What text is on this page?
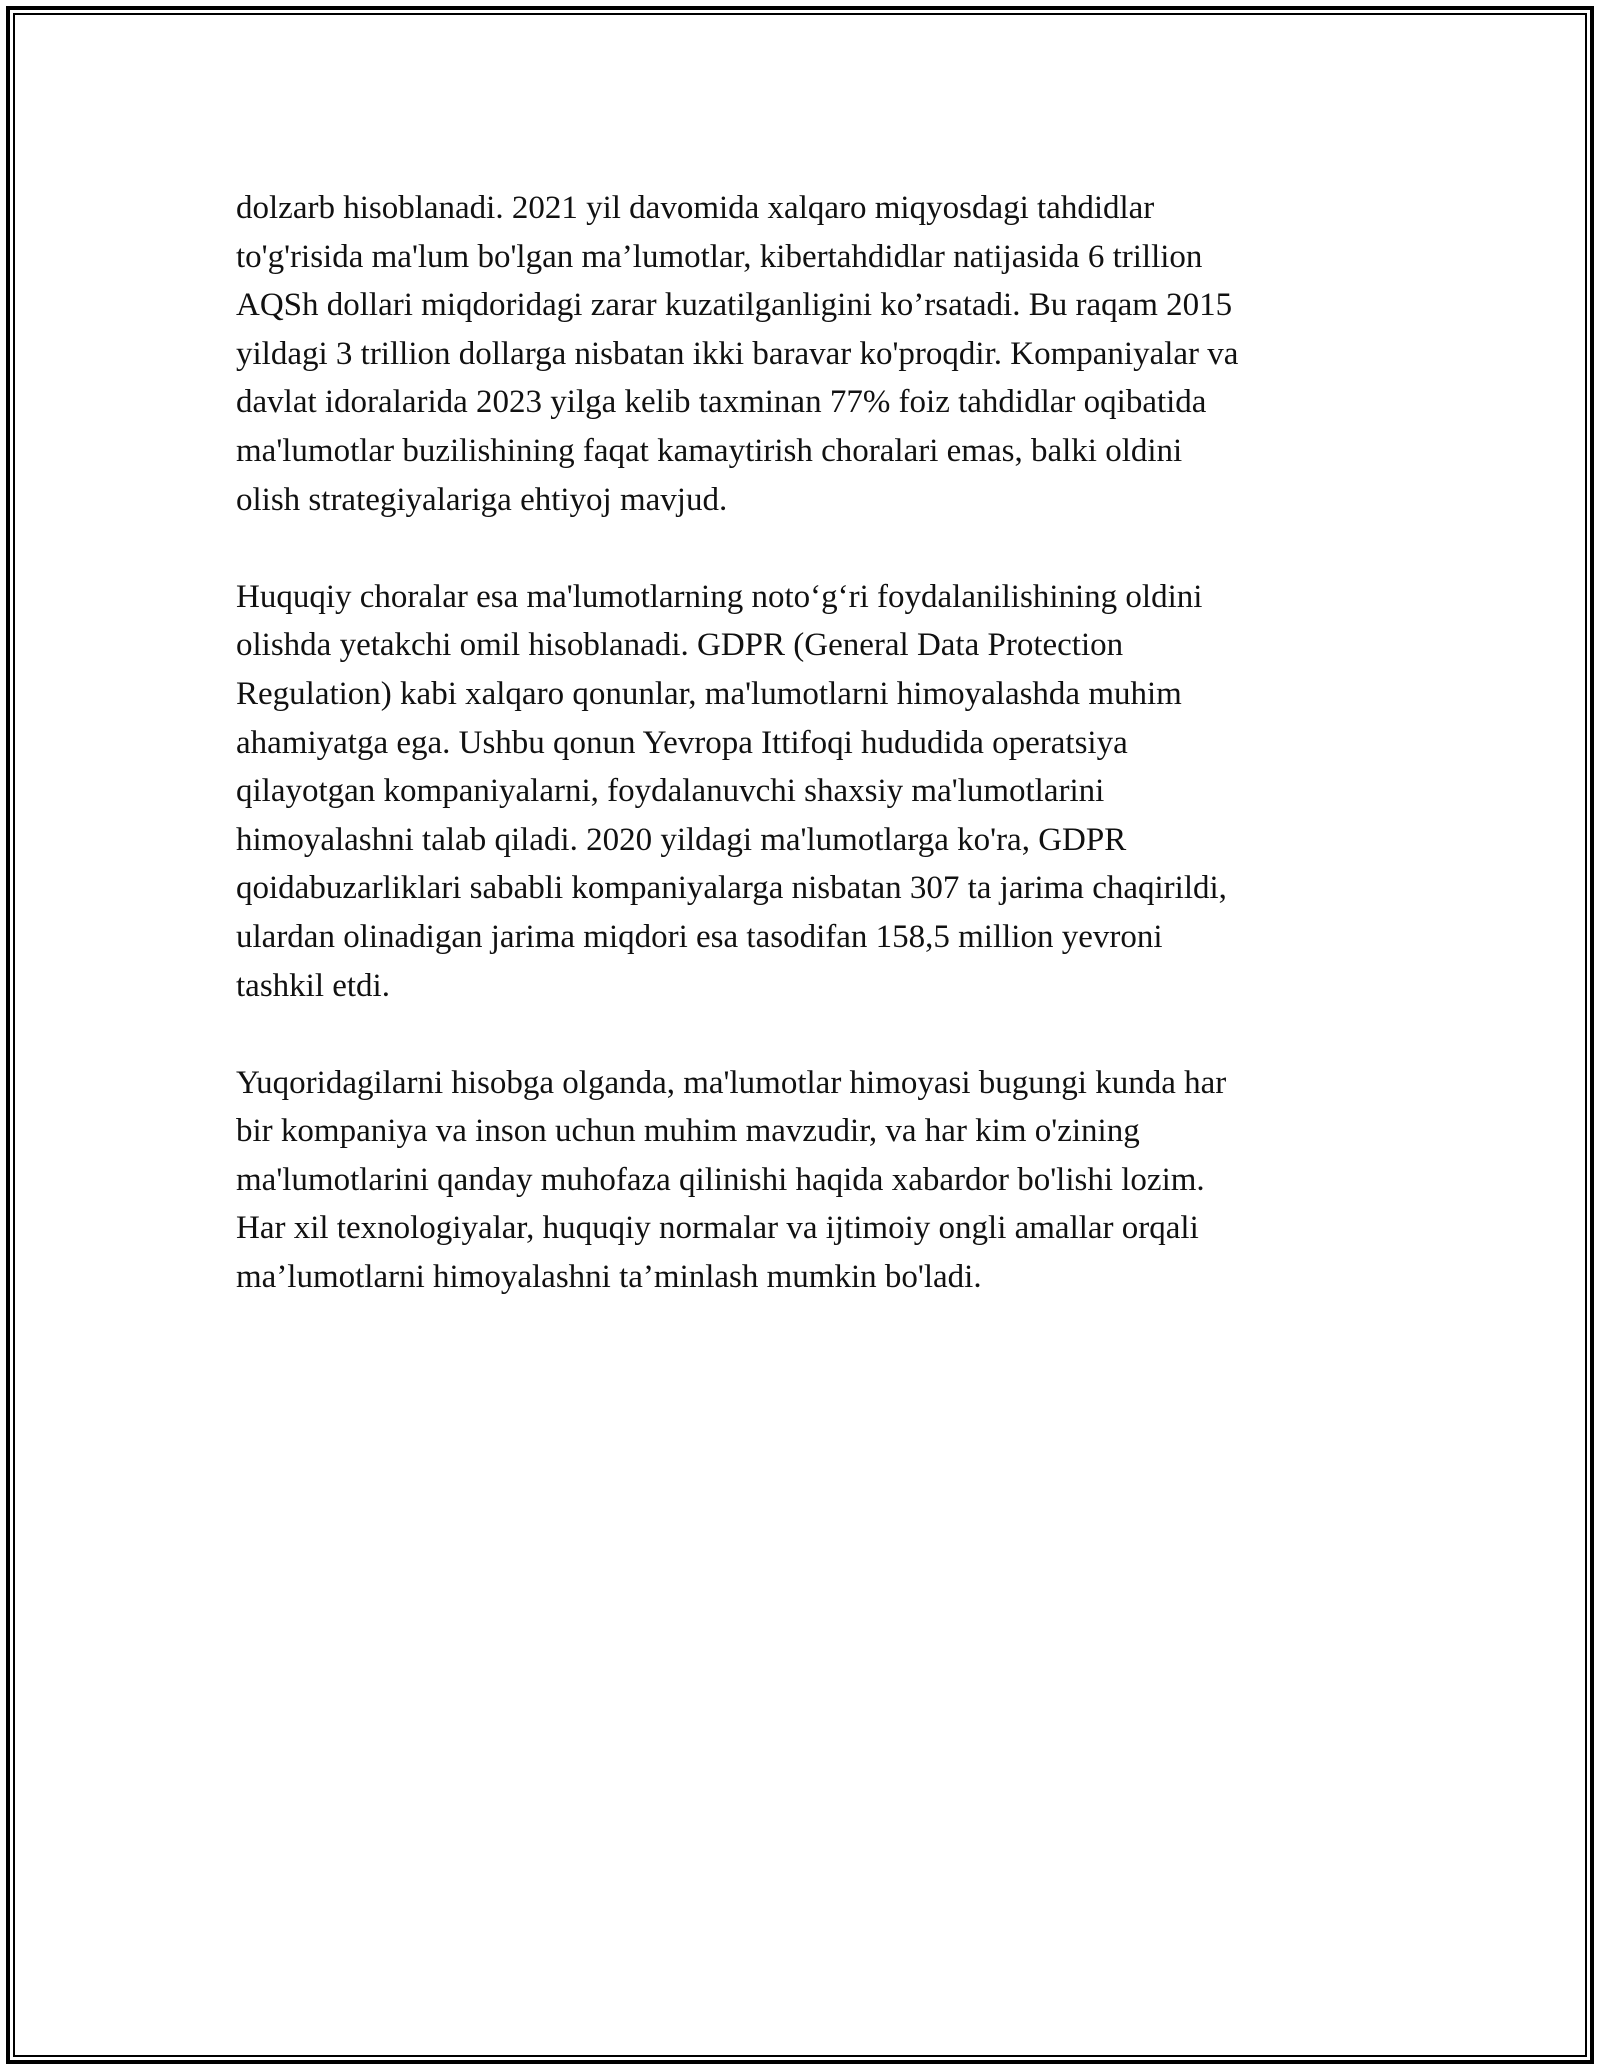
dolzarb hisoblanadi. 2021 yil davomida xalqaro miqyosdagi tahdidlar
to'g'risida ma'lum bo'lgan ma’lumotlar, kibertahdidlar natijasida 6 trillion
AQSh dollari miqdoridagi zarar kuzatilganligini ko’rsatadi. Bu raqam 2015
yildagi 3 trillion dollarga nisbatan ikki baravar ko'proqdir. Kompaniyalar va
davlat idoralarida 2023 yilga kelib taxminan 77% foiz tahdidlar oqibatida
ma'lumotlar buzilishining faqat kamaytirish choralari emas, balki oldini
olish strategiyalariga ehtiyoj mavjud.
Huquqiy choralar esa ma'lumotlarning noto‘g‘ri foydalanilishining oldini
olishda yetakchi omil hisoblanadi. GDPR (General Data Protection
Regulation) kabi xalqaro qonunlar, ma'lumotlarni himoyalashda muhim
ahamiyatga ega. Ushbu qonun Yevropa Ittifoqi hududida operatsiya
qilayotgan kompaniyalarni, foydalanuvchi shaxsiy ma'lumotlarini
himoyalashni talab qiladi. 2020 yildagi ma'lumotlarga ko'ra, GDPR
qoidabuzarliklari sababli kompaniyalarga nisbatan 307 ta jarima chaqirildi,
ulardan olinadigan jarima miqdori esa tasodifan 158,5 million yevroni
tashkil etdi.
Yuqoridagilarni hisobga olganda, ma'lumotlar himoyasi bugungi kunda har
bir kompaniya va inson uchun muhim mavzudir, va har kim o'zining
ma'lumotlarini qanday muhofaza qilinishi haqida xabardor bo'lishi lozim.
Har xil texnologiyalar, huquqiy normalar va ijtimoiy ongli amallar orqali
ma’lumotlarni himoyalashni ta’minlash mumkin bo'ladi.
